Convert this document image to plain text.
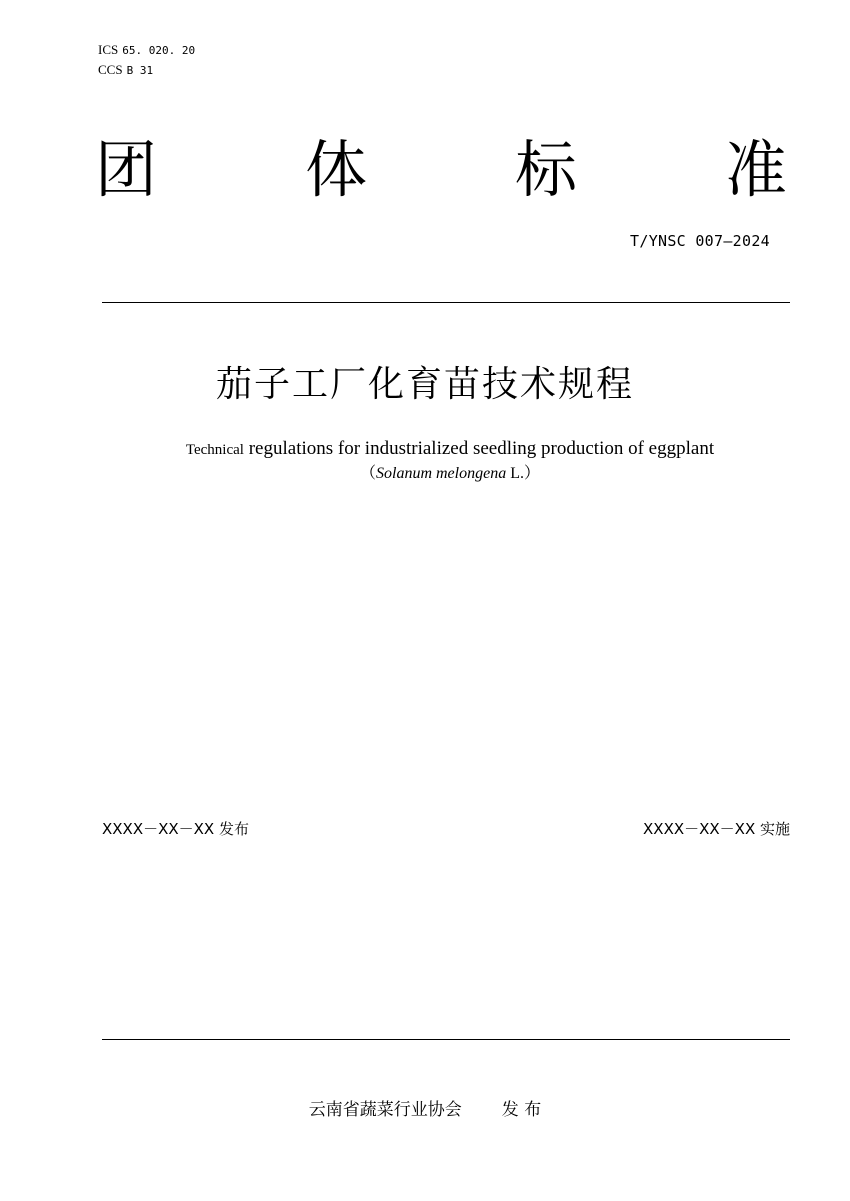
ICS 65. 020. 20
CCS B 31
团 体 标 准
T/YNSC 007—2024
茄子工厂化育苗技术规程
Technical regulations for industrialized seedling production of eggplant
（Solanum melongena L.）
XXXX－XX－XX 发布	XXXX－XX－XX 实施
云南省蔬菜行业协会 发 布
